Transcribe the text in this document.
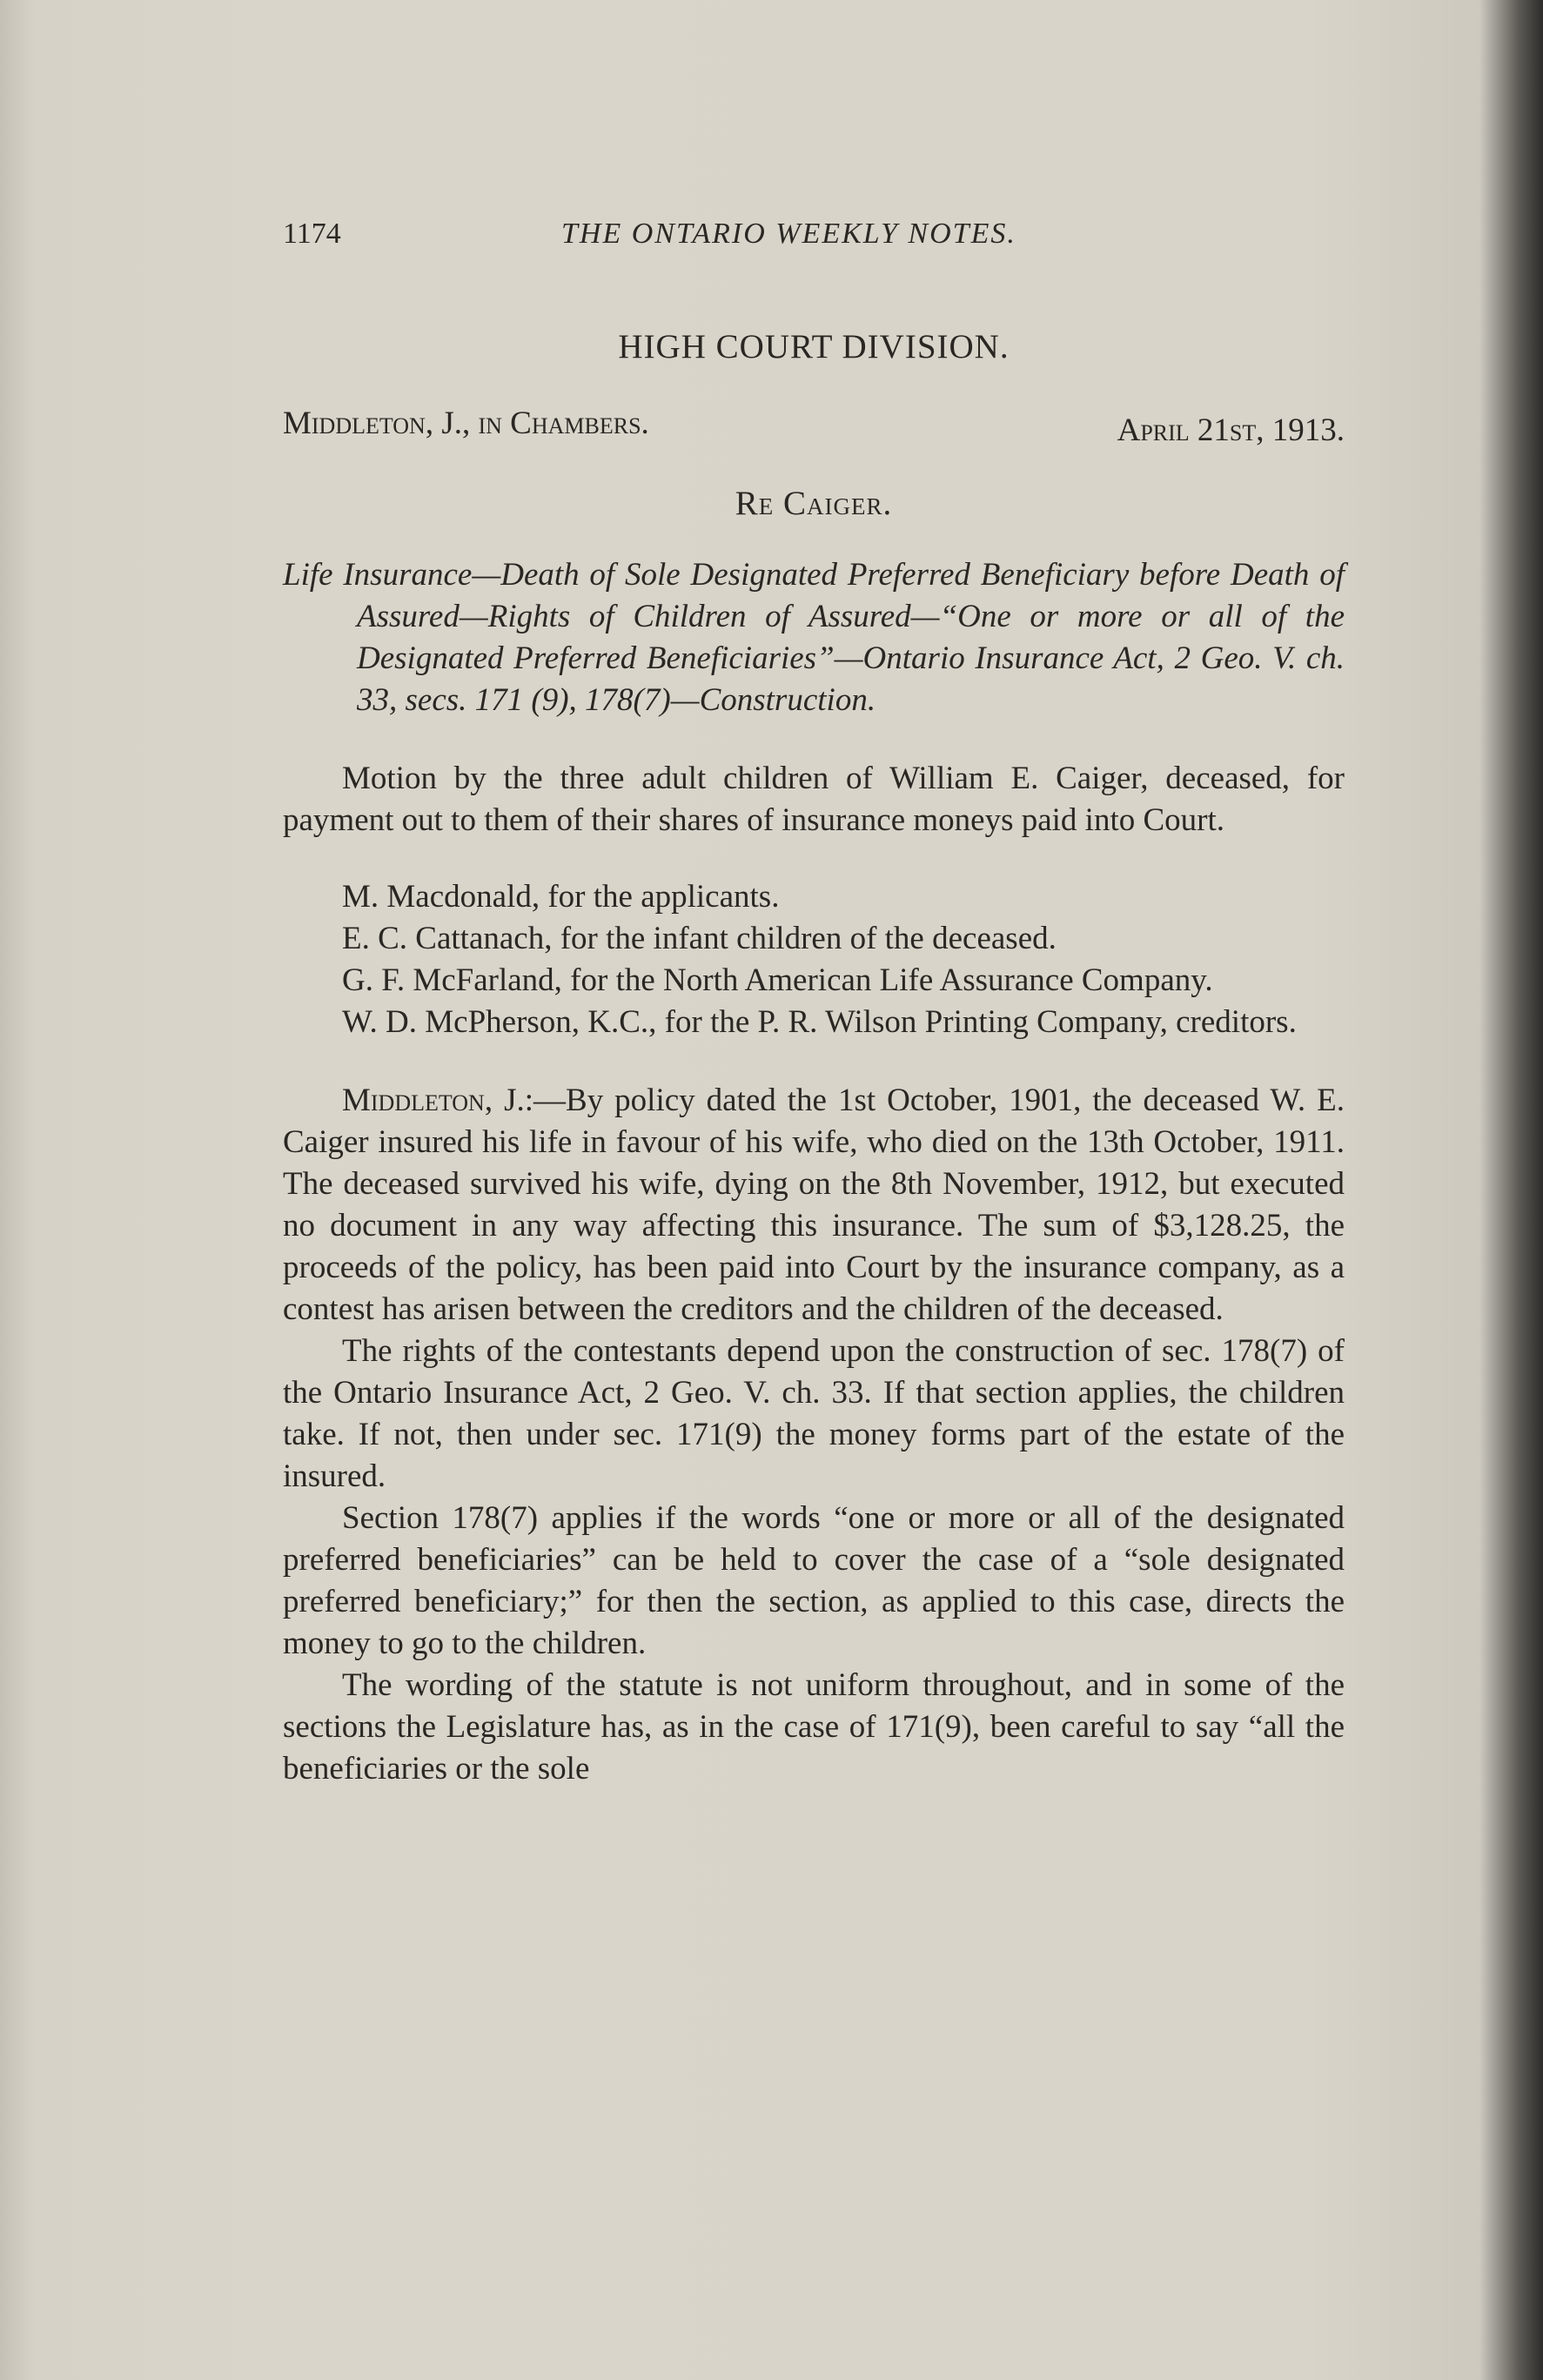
1174	THE ONTARIO WEEKLY NOTES.
HIGH COURT DIVISION.
Middleton, J., in Chambers.	April 21st, 1913.
Re Caiger.
Life Insurance—Death of Sole Designated Preferred Beneficiary before Death of Assured—Rights of Children of Assured—“One or more or all of the Designated Preferred Beneficiaries”—Ontario Insurance Act, 2 Geo. V. ch. 33, secs. 171 (9), 178(7)—Construction.

Motion by the three adult children of William E. Caiger, deceased, for payment out to them of their shares of insurance moneys paid into Court.

M. Macdonald, for the applicants.

E. C. Cattanach, for the infant children of the deceased.

G. F. McFarland, for the North American Life Assurance Company.

W. D. McPherson, K.C., for the P. R. Wilson Printing Company, creditors.

Middleton, J.:—By policy dated the 1st October, 1901, the deceased W. E. Caiger insured his life in favour of his wife, who died on the 13th October, 1911. The deceased survived his wife, dying on the 8th November, 1912, but executed no document in any way affecting this insurance. The sum of $3,128.25, the proceeds of the policy, has been paid into Court by the insurance company, as a contest has arisen between the creditors and the children of the deceased.

The rights of the contestants depend upon the construction of sec. 178(7) of the Ontario Insurance Act, 2 Geo. V. ch. 33. If that section applies, the children take. If not, then under sec. 171(9) the money forms part of the estate of the insured.

Section 178(7) applies if the words “one or more or all of the designated preferred beneficiaries” can be held to cover the case of a “sole designated preferred beneficiary;” for then the section, as applied to this case, directs the money to go to the children.

The wording of the statute is not uniform throughout, and in some of the sections the Legislature has, as in the case of 171(9), been careful to say “all the beneficiaries or the sole
